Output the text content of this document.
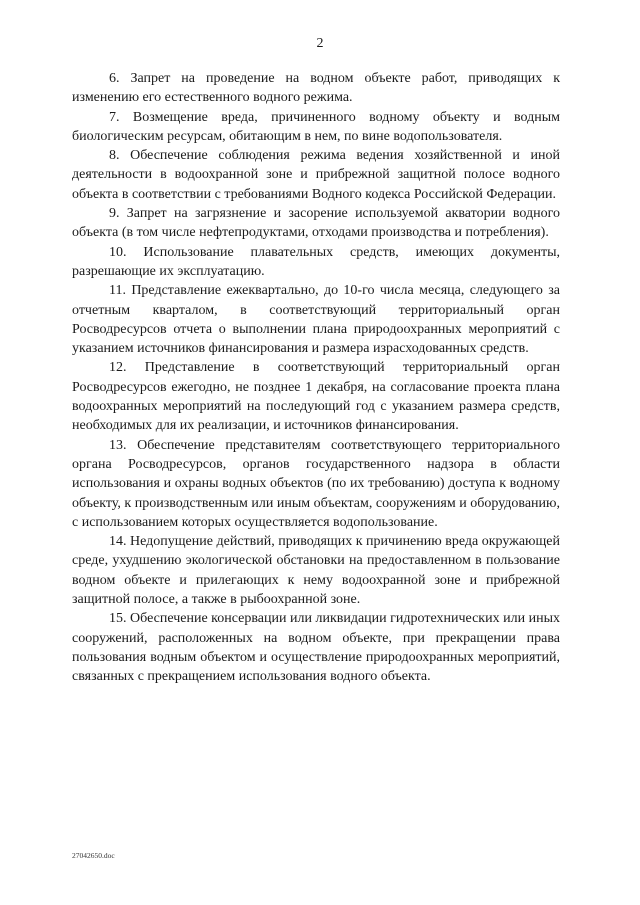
2

6. Запрет на проведение на водном объекте работ, приводящих к изменению его естественного водного режима.

7. Возмещение вреда, причиненного водному объекту и водным биологическим ресурсам, обитающим в нем, по вине водопользователя.

8. Обеспечение соблюдения режима ведения хозяйственной и иной деятельности в водоохранной зоне и прибрежной защитной полосе водного объекта в соответствии с требованиями Водного кодекса Российской Федерации.

9. Запрет на загрязнение и засорение используемой акватории водного объекта (в том числе нефтепродуктами, отходами производства и потребления).

10. Использование плавательных средств, имеющих документы, разрешающие их эксплуатацию.

11. Представление ежеквартально, до 10-го числа месяца, следующего за отчетным кварталом, в соответствующий территориальный орган Росводресурсов отчета о выполнении плана природоохранных мероприятий с указанием источников финансирования и размера израсходованных средств.

12. Представление в соответствующий территориальный орган Росводресурсов ежегодно, не позднее 1 декабря, на согласование проекта плана водоохранных мероприятий на последующий год с указанием размера средств, необходимых для их реализации, и источников финансирования.

13. Обеспечение представителям соответствующего территориального органа Росводресурсов, органов государственного надзора в области использования и охраны водных объектов (по их требованию) доступа к водному объекту, к производственным или иным объектам, сооружениям и оборудованию, с использованием которых осуществляется водопользование.

14. Недопущение действий, приводящих к причинению вреда окружающей среде, ухудшению экологической обстановки на предоставленном в пользование водном объекте и прилегающих к нему водоохранной зоне и прибрежной защитной полосе, а также в рыбоохранной зоне.

15. Обеспечение консервации или ликвидации гидротехнических или иных сооружений, расположенных на водном объекте, при прекращении права пользования водным объектом и осуществление природоохранных мероприятий, связанных с прекращением использования водного объекта.

27042650.doc
